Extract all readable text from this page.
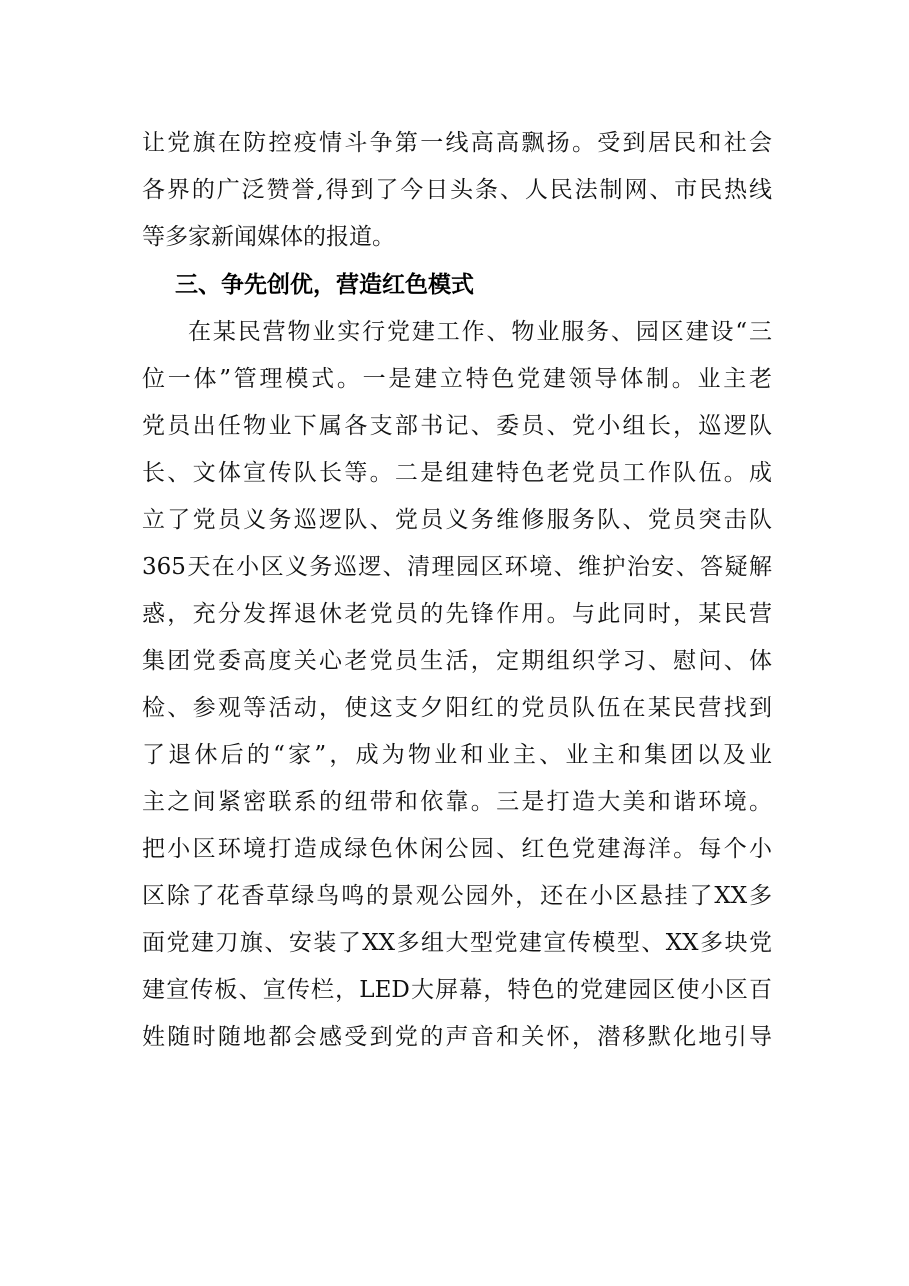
让党旗在防控疫情斗争第一线高高飘扬。受到居民和社会
各界的广泛赞誉,得到了今日头条、人民法制网、市民热线
等多家新闻媒体的报道。
三、争先创优，营造红色模式
在某民营物业实行党建工作、物业服务、园区建设“三
位一体”管理模式。一是建立特色党建领导体制。业主老
党员出任物业下属各支部书记、委员、党小组长，巡逻队
长、文体宣传队长等。二是组建特色老党员工作队伍。成
立了党员义务巡逻队、党员义务维修服务队、党员突击队
365天在小区义务巡逻、清理园区环境、维护治安、答疑解
惑，充分发挥退休老党员的先锋作用。与此同时，某民营
集团党委高度关心老党员生活，定期组织学习、慰问、体
检、参观等活动，使这支夕阳红的党员队伍在某民营找到
了退休后的“家”，成为物业和业主、业主和集团以及业
主之间紧密联系的纽带和依靠。三是打造大美和谐环境。
把小区环境打造成绿色休闲公园、红色党建海洋。每个小
区除了花香草绿鸟鸣的景观公园外，还在小区悬挂了XX多
面党建刀旗、安装了XX多组大型党建宣传模型、XX多块党
建宣传板、宣传栏，LED大屏幕，特色的党建园区使小区百
姓随时随地都会感受到党的声音和关怀，潜移默化地引导
